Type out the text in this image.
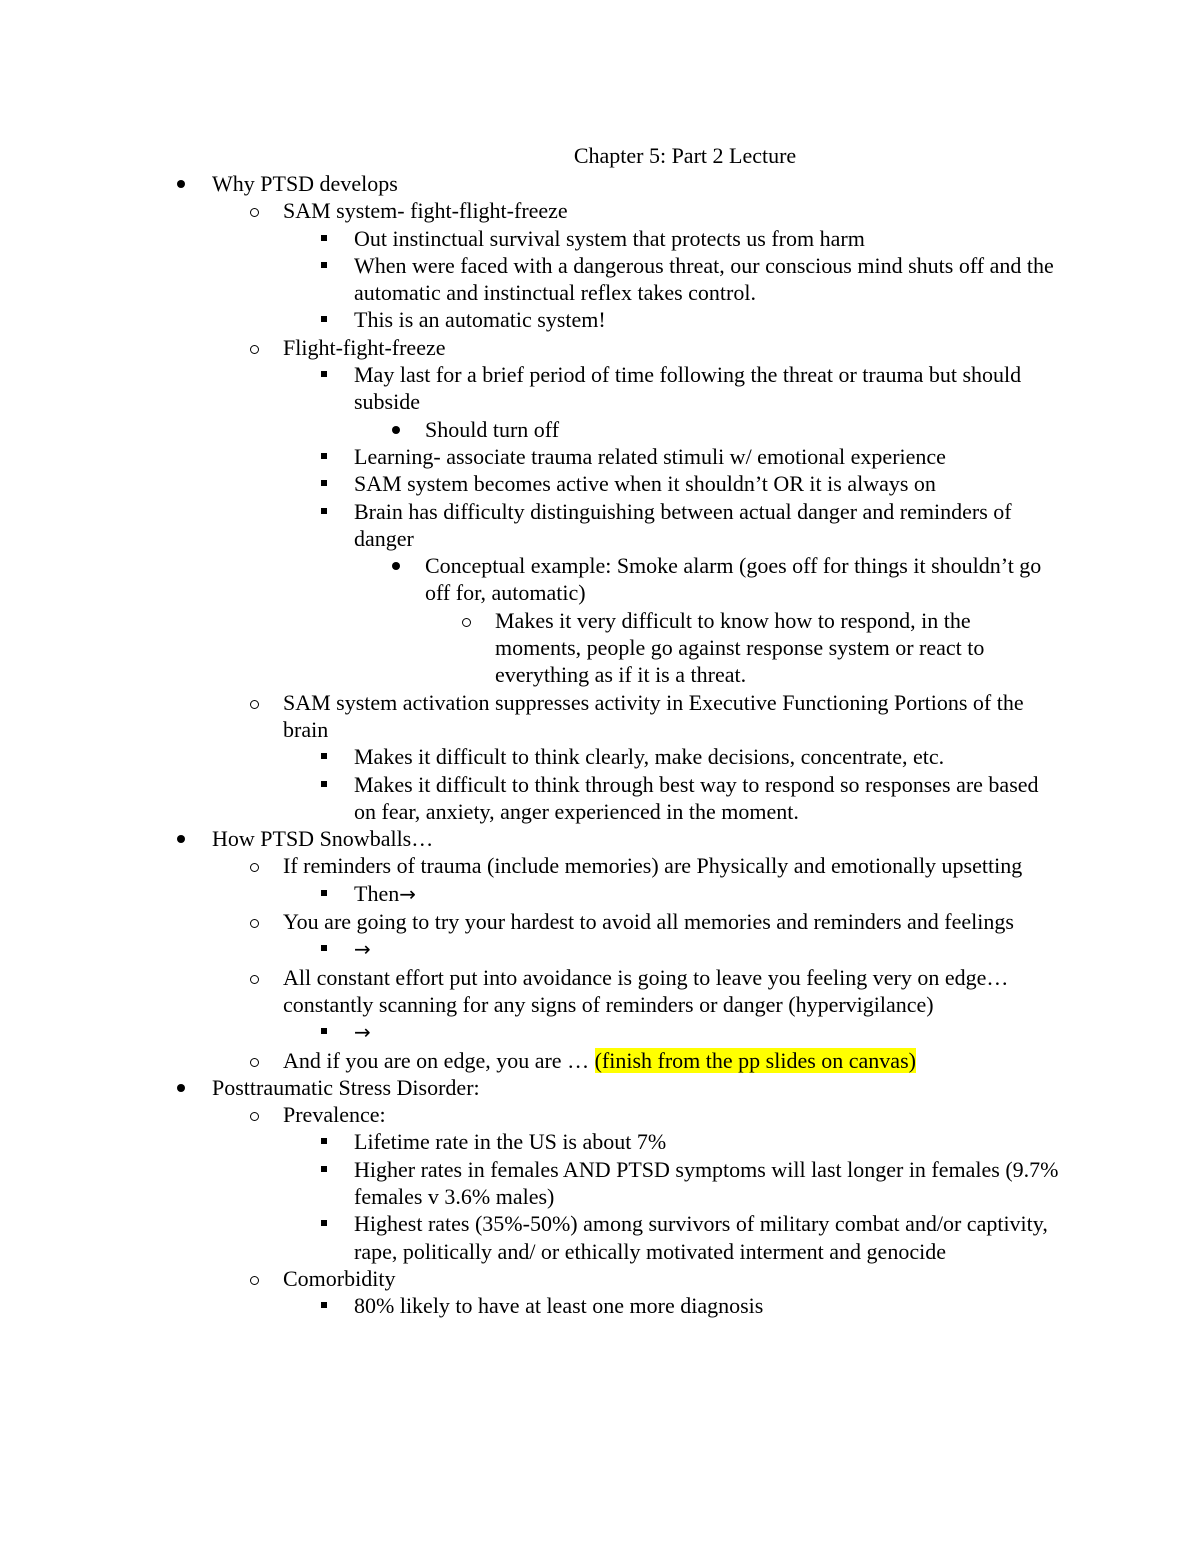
Chapter 5: Part 2 Lecture
Why PTSD develops
SAM system- fight-flight-freeze
Out instinctual survival system that protects us from harm
When were faced with a dangerous threat, our conscious mind shuts off and the automatic and instinctual reflex takes control.
This is an automatic system!
Flight-fight-freeze
May last for a brief period of time following the threat or trauma but should subside
Should turn off
Learning- associate trauma related stimuli w/ emotional experience
SAM system becomes active when it shouldn’t OR it is always on
Brain has difficulty distinguishing between actual danger and reminders of danger
Conceptual example: Smoke alarm (goes off for things it shouldn’t go off for, automatic)
Makes it very difficult to know how to respond, in the moments, people go against response system or react to everything as if it is a threat.
SAM system activation suppresses activity in Executive Functioning Portions of the brain
Makes it difficult to think clearly, make decisions, concentrate, etc.
Makes it difficult to think through best way to respond so responses are based on fear, anxiety, anger experienced in the moment.
How PTSD Snowballs…
If reminders of trauma (include memories) are Physically and emotionally upsetting
Then→
You are going to try your hardest to avoid all memories and reminders and feelings
→
All constant effort put into avoidance is going to leave you feeling very on edge… constantly scanning for any signs of reminders or danger (hypervigilance)
→
And if you are on edge, you are … (finish from the pp slides on canvas)
Posttraumatic Stress Disorder:
Prevalence:
Lifetime rate in the US is about 7%
Higher rates in females AND PTSD symptoms will last longer in females (9.7% females v 3.6% males)
Highest rates (35%-50%) among survivors of military combat and/or captivity, rape, politically and/ or ethically motivated interment and genocide
Comorbidity
80% likely to have at least one more diagnosis
